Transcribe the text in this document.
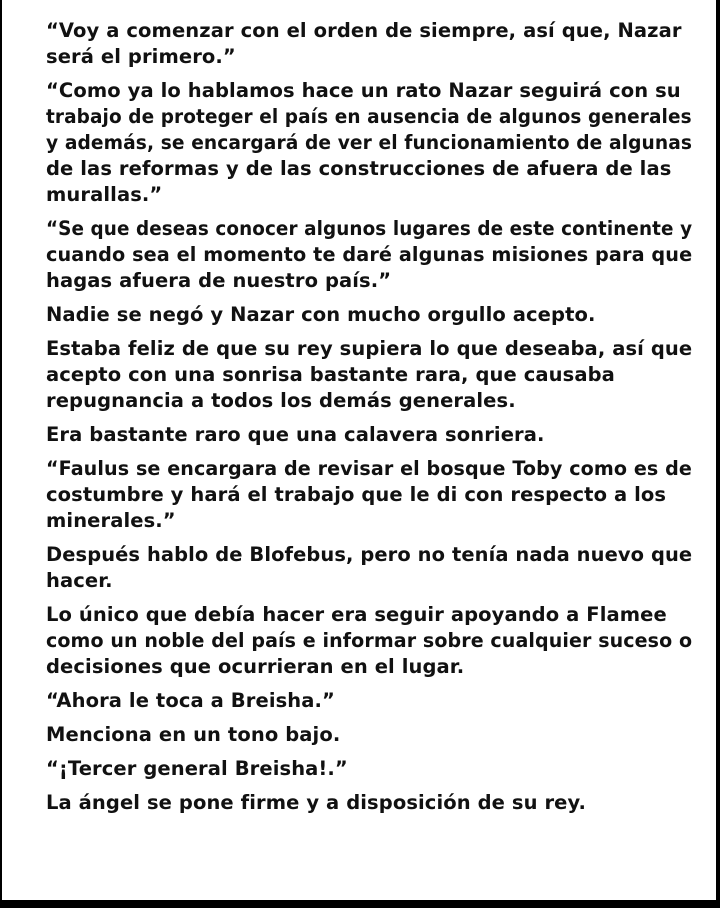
“Voy a comenzar con el orden de siempre, así que, Nazar
será el primero.”

“Como ya lo hablamos hace un rato Nazar seguirá con su
trabajo de proteger el país en ausencia de algunos generales
y además, se encargará de ver el funcionamiento de algunas
de las reformas y de las construcciones de afuera de las
murallas.”

“Se que deseas conocer algunos lugares de este continente y
cuando sea el momento te daré algunas misiones para que
hagas afuera de nuestro país.”

Nadie se negó y Nazar con mucho orgullo acepto.

Estaba feliz de que su rey supiera lo que deseaba, así que
acepto con una sonrisa bastante rara, que causaba
repugnancia a todos los demás generales.

Era bastante raro que una calavera sonriera.

“Faulus se encargara de revisar el bosque Toby como es de
costumbre y hará el trabajo que le di con respecto a los
minerales.”

Después hablo de Blofebus, pero no tenía nada nuevo que
hacer.

Lo único que debía hacer era seguir apoyando a Flamee
como un noble del país e informar sobre cualquier suceso o
decisiones que ocurrieran en el lugar.

“Ahora le toca a Breisha.”

Menciona en un tono bajo.

“¡Tercer general Breisha!.”

La ángel se pone firme y a disposición de su rey.
